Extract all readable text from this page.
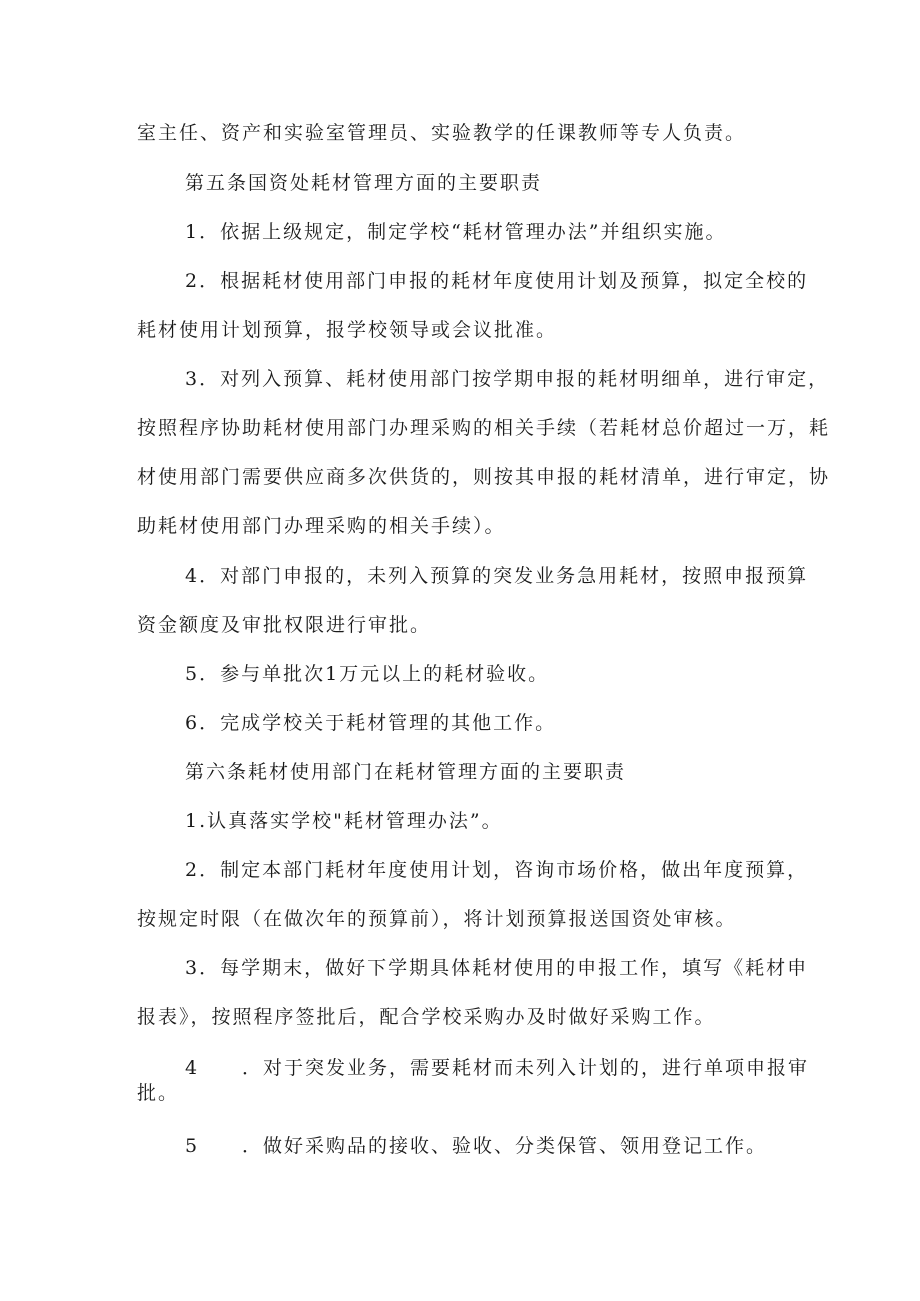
室主任、资产和实验室管理员、实验教学的任课教师等专人负责。
第五条国资处耗材管理方面的主要职责
1．依据上级规定，制定学校“耗材管理办法”并组织实施。
2．根据耗材使用部门申报的耗材年度使用计划及预算，拟定全校的
耗材使用计划预算，报学校领导或会议批准。
3．对列入预算、耗材使用部门按学期申报的耗材明细单，进行审定，
按照程序协助耗材使用部门办理采购的相关手续（若耗材总价超过一万，耗
材使用部门需要供应商多次供货的，则按其申报的耗材清单，进行审定，协
助耗材使用部门办理采购的相关手续）。
4．对部门申报的，未列入预算的突发业务急用耗材，按照申报预算
资金额度及审批权限进行审批。
5．参与单批次1万元以上的耗材验收。
6．完成学校关于耗材管理的其他工作。
第六条耗材使用部门在耗材管理方面的主要职责
1.认真落实学校"耗材管理办法”。
2．制定本部门耗材年度使用计划，咨询市场价格，做出年度预算，
按规定时限（在做次年的预算前），将计划预算报送国资处审核。
3．每学期末，做好下学期具体耗材使用的申报工作，填写《耗材申
报表》，按照程序签批后，配合学校采购办及时做好采购工作。
4 ．对于突发业务，需要耗材而未列入计划的，进行单项申报审
批。
5 ．做好采购品的接收、验收、分类保管、领用登记工作。
